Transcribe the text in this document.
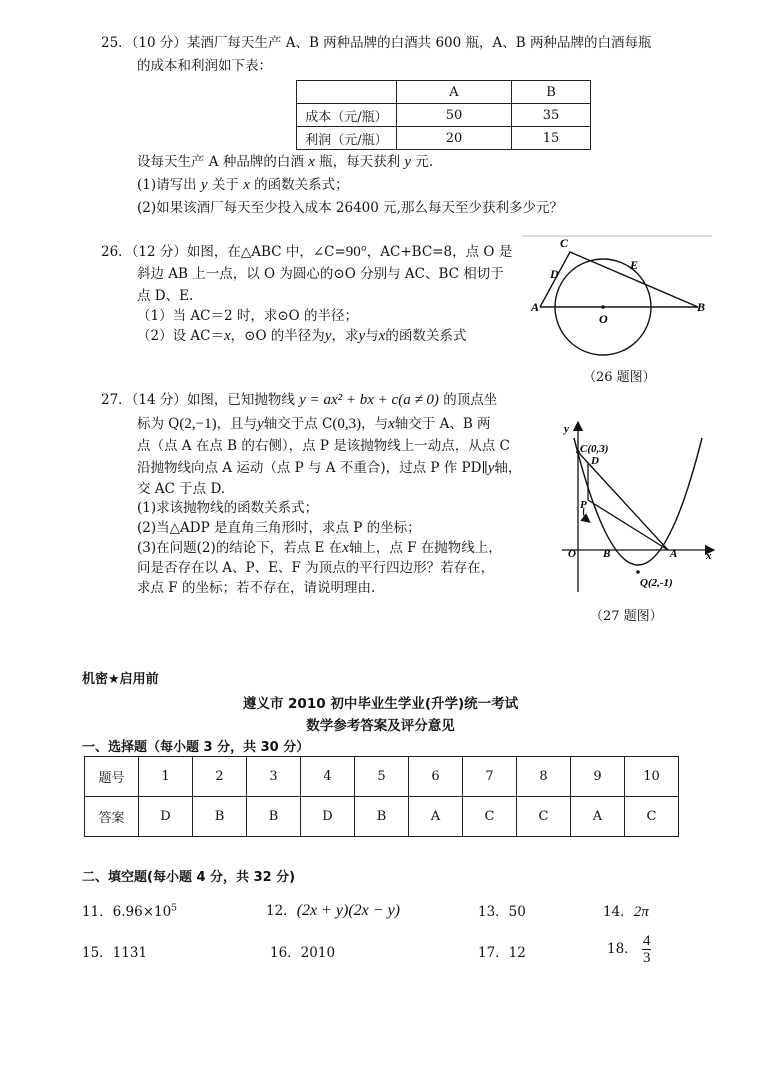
25．（10 分）某酒厂每天生产 A、B 两种品牌的白酒共 600 瓶，A、B 两种品牌的白酒每瓶
的成本和利润如下表：
	A	B
成本（元/瓶）	50	35
利润（元/瓶）	20	15
设每天生产 A 种品牌的白酒 x 瓶，每天获利 y 元.
(1)请写出 y 关于 x 的函数关系式；
(2)如果该酒厂每天至少投入成本 26400 元,那么每天至少获利多少元？
26．（12 分）如图，在△ABC 中，∠C=90°，AC+BC=8，点 O 是
斜边 AB 上一点，以 O 为圆心的⊙O 分别与 AC、BC 相切于
点 D、E.
（1）当 AC＝2 时，求⊙O 的半径；
（2）设 AC＝x，⊙O 的半径为y，求y与x的函数关系式
C
D
E
A	B
O
（26 题图）
27．（14 分）如图，已知抛物线 y = ax² + bx + c(a ≠ 0) 的顶点坐
标为 Q(2,−1)，且与y轴交于点 C(0,3)，与x轴交于 A、B 两
点（点 A 在点 B 的右侧），点 P 是该抛物线上一动点，从点 C
沿抛物线向点 A 运动（点 P 与 A 不重合)，过点 P 作 PD∥y轴，
交 AC 于点 D.
(1)求该抛物线的函数关系式；
(2)当△ADP 是直角三角形时，求点 P 的坐标；
(3)在问题(2)的结论下，若点 E 在x轴上，点 F 在抛物线上，
问是否存在以 A、P、E、F 为顶点的平行四边形？若存在，
求点 F 的坐标；若不存在，请说明理由.
y
x
C(0,3)
D
P
O B	A
Q(2,-1)
（27 题图）
机密★启用前
遵义市 2010 初中毕业生学业(升学)统一考试
数学参考答案及评分意见
一、选择题（每小题 3 分，共 30 分）
题号	1	2	3	4	5	6	7	8	9	10
答案	D	B	B	D	B	A	C	C	A	C
二、填空题(每小题 4 分，共 32 分)
11．$6.96\times 10^5$	12．(2x + y)(2x − y)	13．50	14．2π
15．1131	16．2010	17．12	18． $\frac{4}{3}$
